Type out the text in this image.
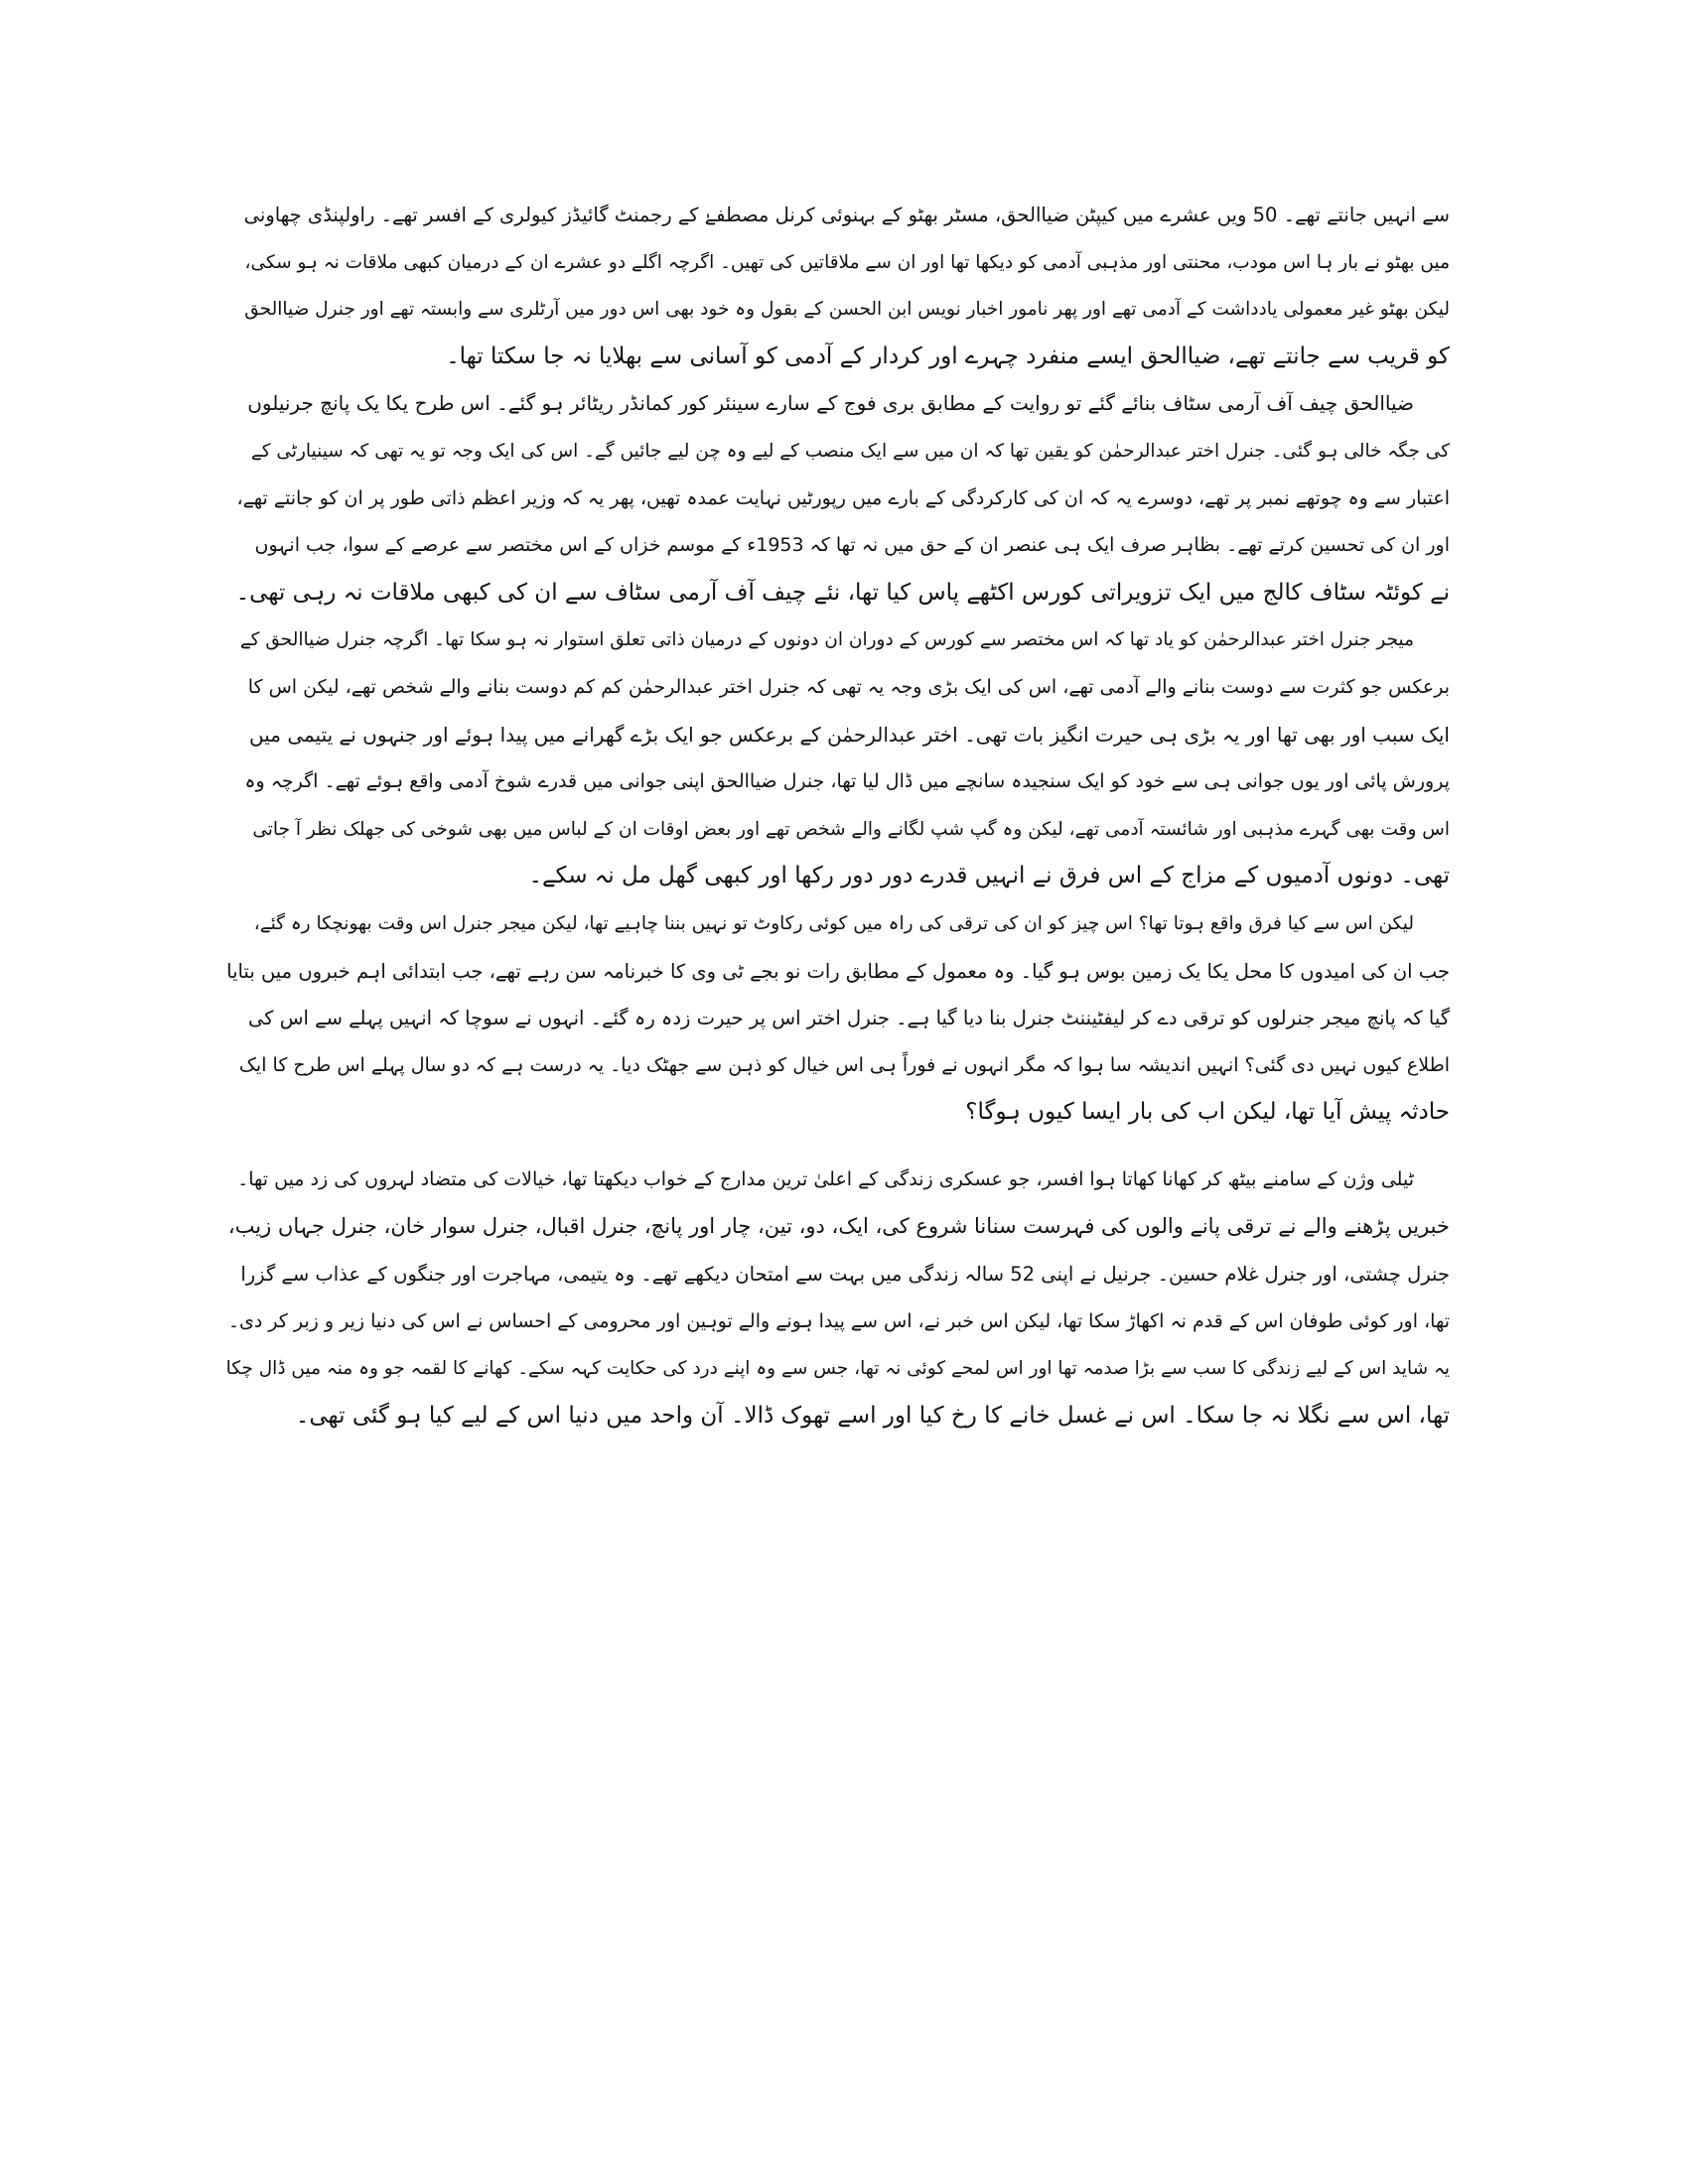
سے انہیں جانتے تھے۔ 50 ویں عشرے میں کیپٹن ضیاالحق، مسٹر بھٹو کے بہنوئی کرنل مصطفےٰ کے رجمنٹ گائیڈز کیولری کے افسر تھے۔ راولپنڈی چھاونی
میں بھٹو نے بار ہا اس مودب، محنتی اور مذہبی آدمی کو دیکھا تھا اور ان سے ملاقاتیں کی تھیں۔ اگرچہ اگلے دو عشرے ان کے درمیان کبھی ملاقات نہ ہو سکی،
لیکن بھٹو غیر معمولی یادداشت کے آدمی تھے اور پھر نامور اخبار نویس ابن الحسن کے بقول وہ خود بھی اس دور میں آرٹلری سے وابستہ تھے اور جنرل ضیاالحق
کو قریب سے جانتے تھے، ضیاالحق ایسے منفرد چہرے اور کردار کے آدمی کو آسانی سے بھلایا نہ جا سکتا تھا۔

ضیاالحق چیف آف آرمی سٹاف بنائے گئے تو روایت کے مطابق بری فوج کے سارے سینئر کور کمانڈر ریٹائر ہو گئے۔ اس طرح یکا یک پانچ جرنیلوں
کی جگہ خالی ہو گئی۔ جنرل اختر عبدالرحمٰن کو یقین تھا کہ ان میں سے ایک منصب کے لیے وہ چن لیے جائیں گے۔ اس کی ایک وجہ تو یہ تھی کہ سینیارٹی کے
اعتبار سے وہ چوتھے نمبر پر تھے، دوسرے یہ کہ ان کی کارکردگی کے بارے میں رپورٹیں نہایت عمدہ تھیں، پھر یہ کہ وزیر اعظم ذاتی طور پر ان کو جانتے تھے،
اور ان کی تحسین کرتے تھے۔ بظاہر صرف ایک ہی عنصر ان کے حق میں نہ تھا کہ 1953ء کے موسم خزاں کے اس مختصر سے عرصے کے سوا، جب انہوں
نے کوئٹہ سٹاف کالج میں ایک تزویراتی کورس اکٹھے پاس کیا تھا، نئے چیف آف آرمی سٹاف سے ان کی کبھی ملاقات نہ رہی تھی۔

میجر جنرل اختر عبدالرحمٰن کو یاد تھا کہ اس مختصر سے کورس کے دوران ان دونوں کے درمیان ذاتی تعلق استوار نہ ہو سکا تھا۔ اگرچہ جنرل ضیاالحق کے
برعکس جو کثرت سے دوست بنانے والے آدمی تھے، اس کی ایک بڑی وجہ یہ تھی کہ جنرل اختر عبدالرحمٰن کم کم دوست بنانے والے شخص تھے، لیکن اس کا
ایک سبب اور بھی تھا اور یہ بڑی ہی حیرت انگیز بات تھی۔ اختر عبدالرحمٰن کے برعکس جو ایک بڑے گھرانے میں پیدا ہوئے اور جنہوں نے یتیمی میں
پرورش پائی اور یوں جوانی ہی سے خود کو ایک سنجیدہ سانچے میں ڈال لیا تھا، جنرل ضیاالحق اپنی جوانی میں قدرے شوخ آدمی واقع ہوئے تھے۔ اگرچہ وہ
اس وقت بھی گہرے مذہبی اور شائستہ آدمی تھے، لیکن وہ گپ شپ لگانے والے شخص تھے اور بعض اوقات ان کے لباس میں بھی شوخی کی جھلک نظر آ جاتی
تھی۔ دونوں آدمیوں کے مزاج کے اس فرق نے انہیں قدرے دور دور رکھا اور کبھی گھل مل نہ سکے۔

لیکن اس سے کیا فرق واقع ہوتا تھا؟ اس چیز کو ان کی ترقی کی راہ میں کوئی رکاوٹ تو نہیں بننا چاہیے تھا، لیکن میجر جنرل اس وقت بھونچکا رہ گئے،
جب ان کی امیدوں کا محل یکا یک زمین بوس ہو گیا۔ وہ معمول کے مطابق رات نو بجے ٹی وی کا خبرنامہ سن رہے تھے، جب ابتدائی اہم خبروں میں بتایا
گیا کہ پانچ میجر جنرلوں کو ترقی دے کر لیفٹیننٹ جنرل بنا دیا گیا ہے۔ جنرل اختر اس پر حیرت زدہ رہ گئے۔ انہوں نے سوچا کہ انہیں پہلے سے اس کی
اطلاع کیوں نہیں دی گئی؟ انہیں اندیشہ سا ہوا کہ مگر انہوں نے فوراً ہی اس خیال کو ذہن سے جھٹک دیا۔ یہ درست ہے کہ دو سال پہلے اس طرح کا ایک
حادثہ پیش آیا تھا، لیکن اب کی بار ایسا کیوں ہوگا؟

ٹیلی وژن کے سامنے بیٹھ کر کھانا کھاتا ہوا افسر، جو عسکری زندگی کے اعلیٰ ترین مدارج کے خواب دیکھتا تھا، خیالات کی متضاد لہروں کی زد میں تھا۔
خبریں پڑھنے والے نے ترقی پانے والوں کی فہرست سنانا شروع کی، ایک، دو، تین، چار اور پانچ، جنرل اقبال، جنرل سوار خان، جنرل جہاں زیب،
جنرل چشتی، اور جنرل غلام حسین۔ جرنیل نے اپنی 52 سالہ زندگی میں بہت سے امتحان دیکھے تھے۔ وہ یتیمی، مہاجرت اور جنگوں کے عذاب سے گزرا
تھا، اور کوئی طوفان اس کے قدم نہ اکھاڑ سکا تھا، لیکن اس خبر نے، اس سے پیدا ہونے والے توہین اور محرومی کے احساس نے اس کی دنیا زیر و زبر کر دی۔
یہ شاید اس کے لیے زندگی کا سب سے بڑا صدمہ تھا اور اس لمحے کوئی نہ تھا، جس سے وہ اپنے درد کی حکایت کہہ سکے۔ کھانے کا لقمہ جو وہ منہ میں ڈال چکا
تھا، اس سے نگلا نہ جا سکا۔ اس نے غسل خانے کا رخ کیا اور اسے تھوک ڈالا۔ آن واحد میں دنیا اس کے لیے کیا ہو گئی تھی۔
